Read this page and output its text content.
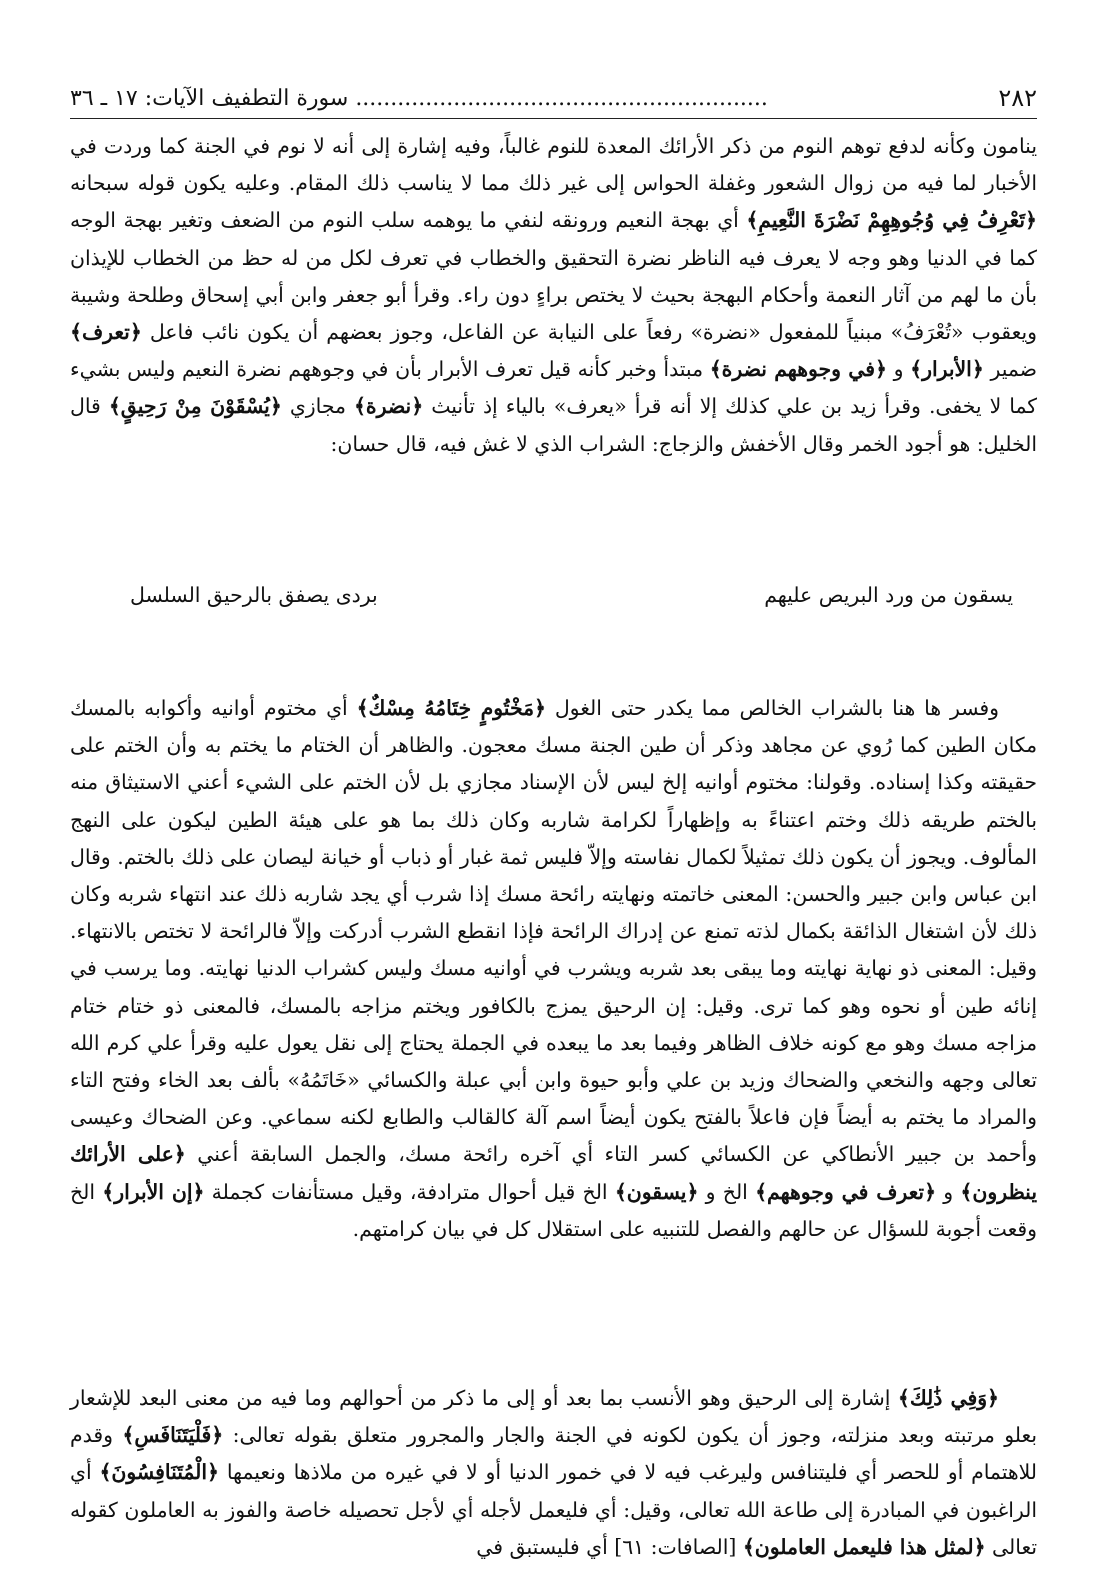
٢٨٢
........................................................... سورة التطفيف الآيات: ١٧ ـ ٣٦

ينامون وكأنه لدفع توهم النوم من ذكر الأرائك المعدة للنوم غالباً، وفيه إشارة إلى أنه لا نوم في الجنة كما وردت في الأخبار لما فيه من زوال الشعور وغفلة الحواس إلى غير ذلك مما لا يناسب ذلك المقام. وعليه يكون قوله سبحانه ﴿تَعْرِفُ فِي وُجُوهِهِمْ نَضْرَةَ النَّعِيمِ﴾ أي بهجة النعيم ورونقه لنفي ما يوهمه سلب النوم من الضعف وتغير بهجة الوجه كما في الدنيا وهو وجه لا يعرف فيه الناظر نضرة التحقيق والخطاب في تعرف لكل من له حظ من الخطاب للإيذان بأن ما لهم من آثار النعمة وأحكام البهجة بحيث لا يختص براءٍ دون راء. وقرأ أبو جعفر وابن أبي إسحاق وطلحة وشيبة ويعقوب «تُعْرَفُ» مبنياً للمفعول «نضرة» رفعاً على النيابة عن الفاعل، وجوز بعضهم أن يكون نائب فاعل ﴿تعرف﴾ ضمير ﴿الأبرار﴾ و ﴿في وجوههم نضرة﴾ مبتدأ وخبر كأنه قيل تعرف الأبرار بأن في وجوههم نضرة النعيم وليس بشيء كما لا يخفى. وقرأ زيد بن علي كذلك إلا أنه قرأ «يعرف» بالياء إذ تأنيث ﴿نضرة﴾ مجازي ﴿يُسْقَوْنَ مِنْ رَحِيقٍ﴾ قال الخليل: هو أجود الخمر وقال الأخفش والزجاج: الشراب الذي لا غش فيه، قال حسان:

يسقون من ورد البريص عليهم
بردى يصفق بالرحيق السلسل

وفسر ها هنا بالشراب الخالص مما يكدر حتى الغول ﴿مَخْتُومٍ خِتَامُهُ مِسْكٌ﴾ أي مختوم أوانيه وأكوابه بالمسك مكان الطين كما رُوي عن مجاهد وذكر أن طين الجنة مسك معجون. والظاهر أن الختام ما يختم به وأن الختم على حقيقته وكذا إسناده. وقولنا: مختوم أوانيه إلخ ليس لأن الإسناد مجازي بل لأن الختم على الشيء أعني الاستيثاق منه بالختم طريقه ذلك وختم اعتناءً به وإظهاراً لكرامة شاربه وكان ذلك بما هو على هيئة الطين ليكون على النهج المألوف. ويجوز أن يكون ذلك تمثيلاً لكمال نفاسته وإلاّ فليس ثمة غبار أو ذباب أو خيانة ليصان على ذلك بالختم. وقال ابن عباس وابن جبير والحسن: المعنى خاتمته ونهايته رائحة مسك إذا شرب أي يجد شاربه ذلك عند انتهاء شربه وكان ذلك لأن اشتغال الذائقة بكمال لذته تمنع عن إدراك الرائحة فإذا انقطع الشرب أدركت وإلاّ فالرائحة لا تختص بالانتهاء. وقيل: المعنى ذو نهاية نهايته وما يبقى بعد شربه ويشرب في أوانيه مسك وليس كشراب الدنيا نهايته. وما يرسب في إنائه طين أو نحوه وهو كما ترى. وقيل: إن الرحيق يمزج بالكافور ويختم مزاجه بالمسك، فالمعنى ذو ختام ختام مزاجه مسك وهو مع كونه خلاف الظاهر وفيما بعد ما يبعده في الجملة يحتاج إلى نقل يعول عليه وقرأ علي كرم الله تعالى وجهه والنخعي والضحاك وزيد بن علي وأبو حيوة وابن أبي عبلة والكسائي «خَاتَمُهُ» بألف بعد الخاء وفتح التاء والمراد ما يختم به أيضاً فإن فاعلاً بالفتح يكون أيضاً اسم آلة كالقالب والطابع لكنه سماعي. وعن الضحاك وعيسى وأحمد بن جبير الأنطاكي عن الكسائي كسر التاء أي آخره رائحة مسك، والجمل السابقة أعني ﴿على الأرائك ينظرون﴾ و ﴿تعرف في وجوههم﴾ الخ و ﴿يسقون﴾ الخ قيل أحوال مترادفة، وقيل مستأنفات كجملة ﴿إن الأبرار﴾ الخ وقعت أجوبة للسؤال عن حالهم والفصل للتنبيه على استقلال كل في بيان كرامتهم.

﴿وَفِي ذَٰلِكَ﴾ إشارة إلى الرحيق وهو الأنسب بما بعد أو إلى ما ذكر من أحوالهم وما فيه من معنى البعد للإشعار بعلو مرتبته وبعد منزلته، وجوز أن يكون لكونه في الجنة والجار والمجرور متعلق بقوله تعالى: ﴿فَلْيَتَنَافَسِ﴾ وقدم للاهتمام أو للحصر أي فليتنافس وليرغب فيه لا في خمور الدنيا أو لا في غيره من ملاذها ونعيمها ﴿الْمُتَنَافِسُونَ﴾ أي الراغبون في المبادرة إلى طاعة الله تعالى، وقيل: أي فليعمل لأجله أي لأجل تحصيله خاصة والفوز به العاملون كقوله تعالى ﴿لمثل هذا فليعمل العاملون﴾ [الصافات: ٦١] أي فليستبق في
